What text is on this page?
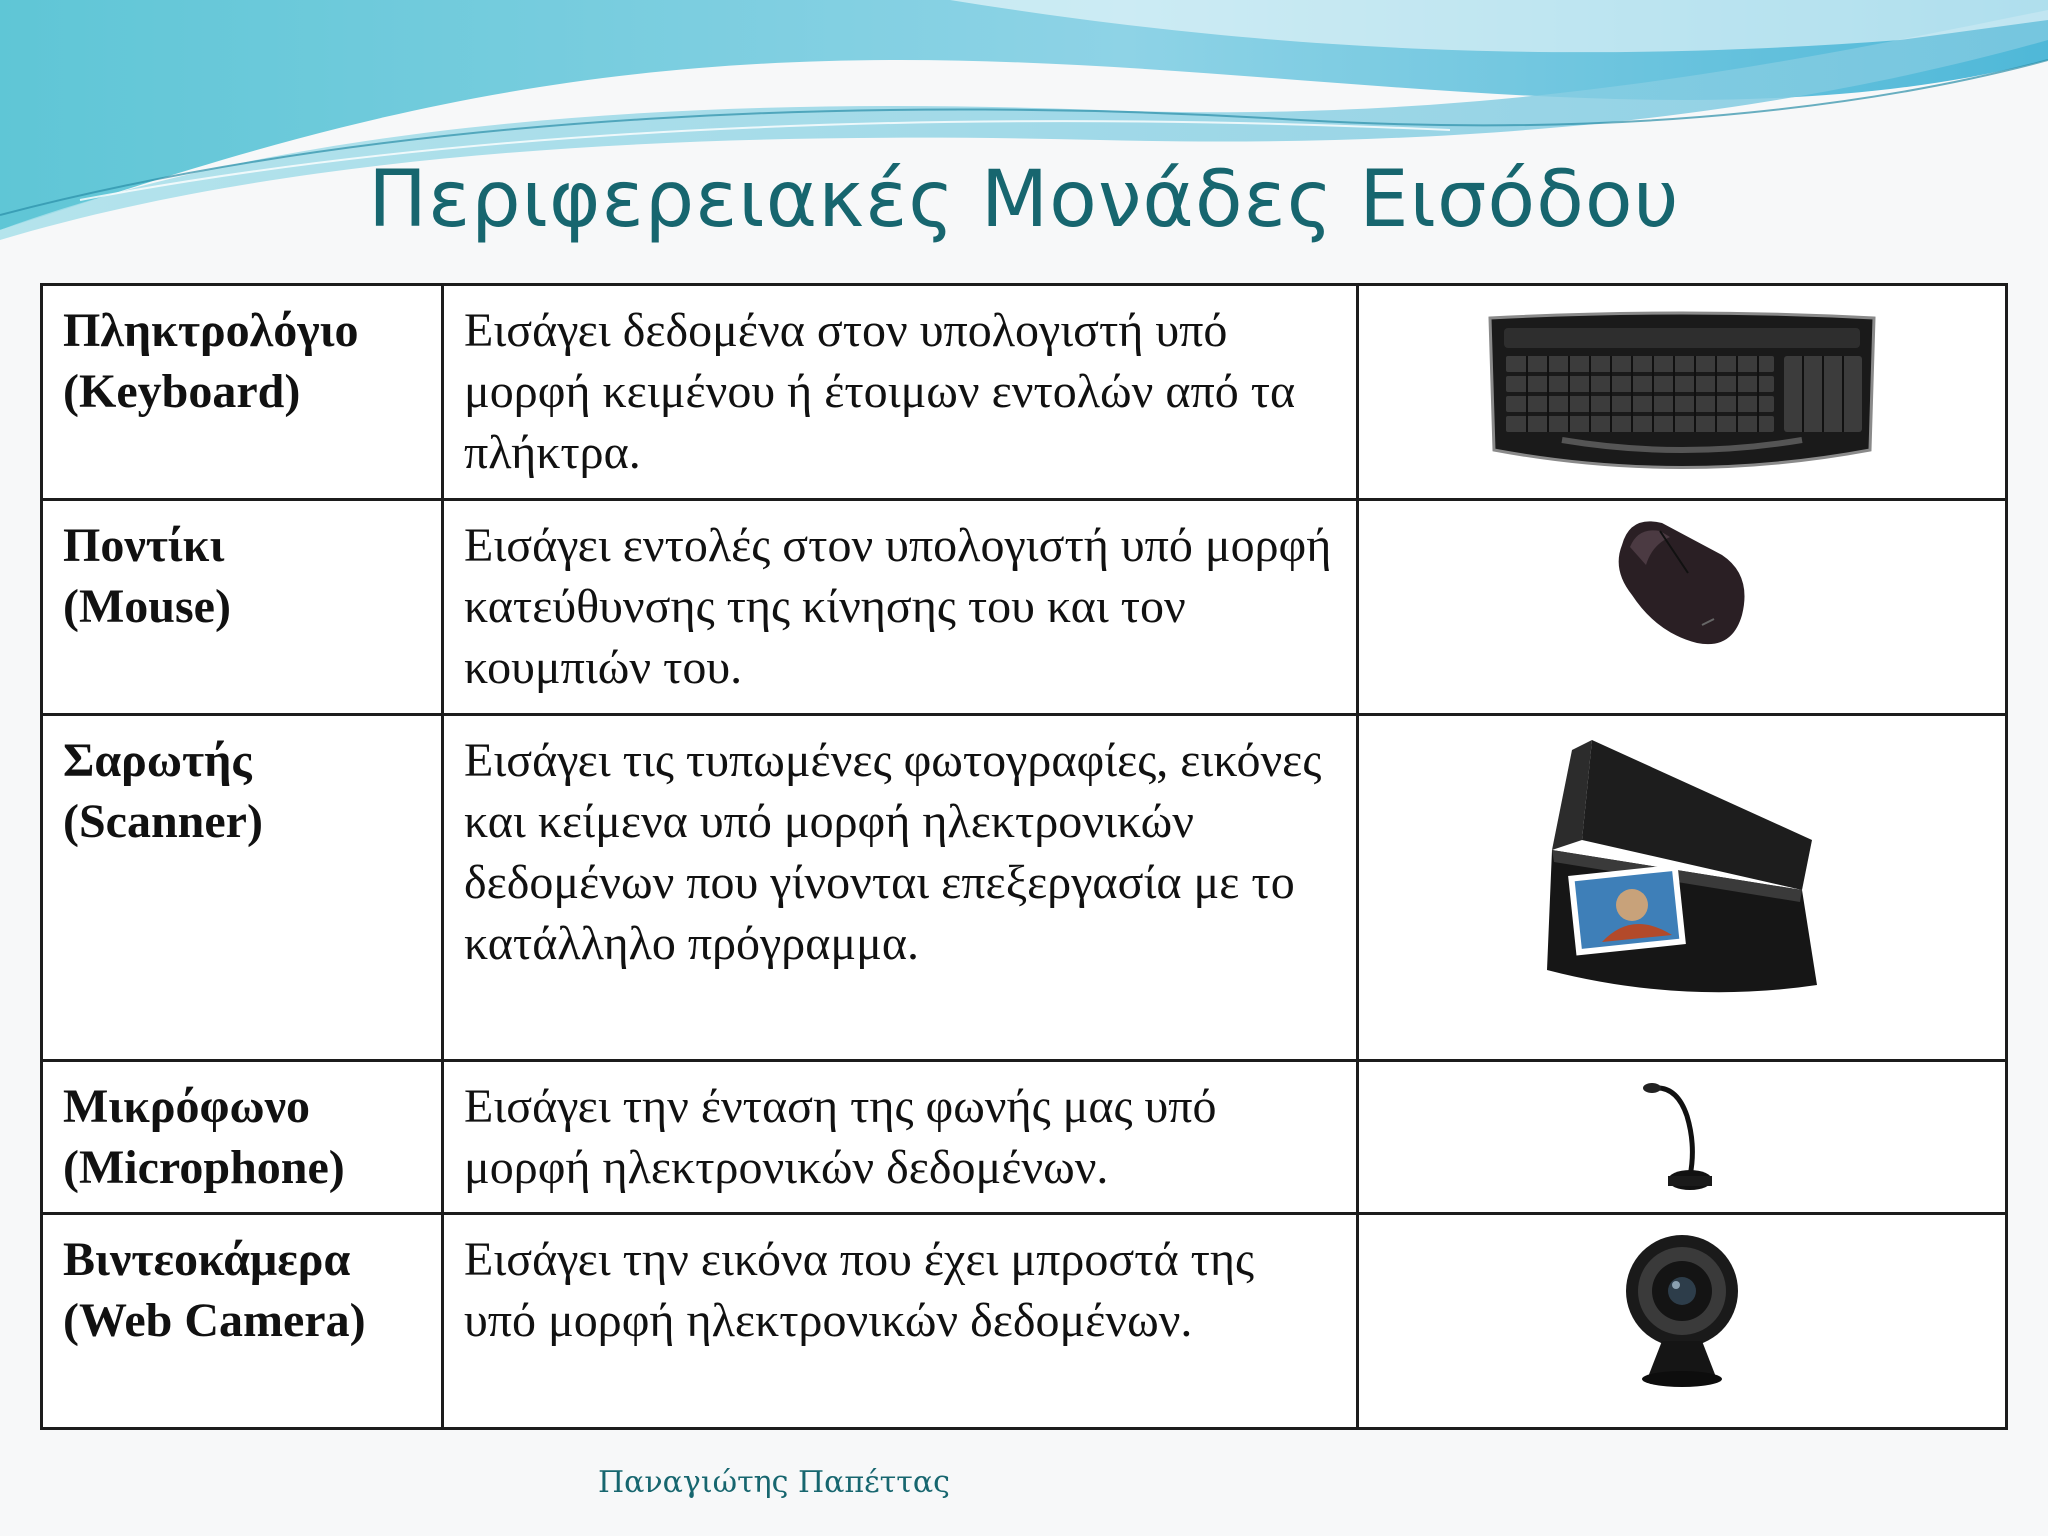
Περιφερειακές Μονάδες Εισόδου
Πληκτρολόγιο
(Keyboard)	Εισάγει δεδομένα στον υπολογιστή υπό μορφή κειμένου ή έτοιμων εντολών από τα πλήκτρα.	

Ποντίκι
(Mouse)	Εισάγει εντολές στον υπολογιστή υπό μορφή κατεύθυνσης της κίνησης του και τον κουμπιών του.	

Σαρωτής
(Scanner)	Εισάγει τις τυπωμένες φωτογραφίες, εικόνες και κείμενα υπό μορφή ηλεκτρονικών δεδομένων που γίνονται επεξεργασία με το κατάλληλο πρόγραμμα.	

Μικρόφωνο
(Microphone)	Εισάγει την ένταση της φωνής μας υπό μορφή ηλεκτρονικών δεδομένων.	

Βιντεοκάμερα
(Web Camera)	Εισάγει την εικόνα που έχει μπροστά της υπό μορφή ηλεκτρονικών δεδομένων.	
Παναγιώτης Παπέττας
